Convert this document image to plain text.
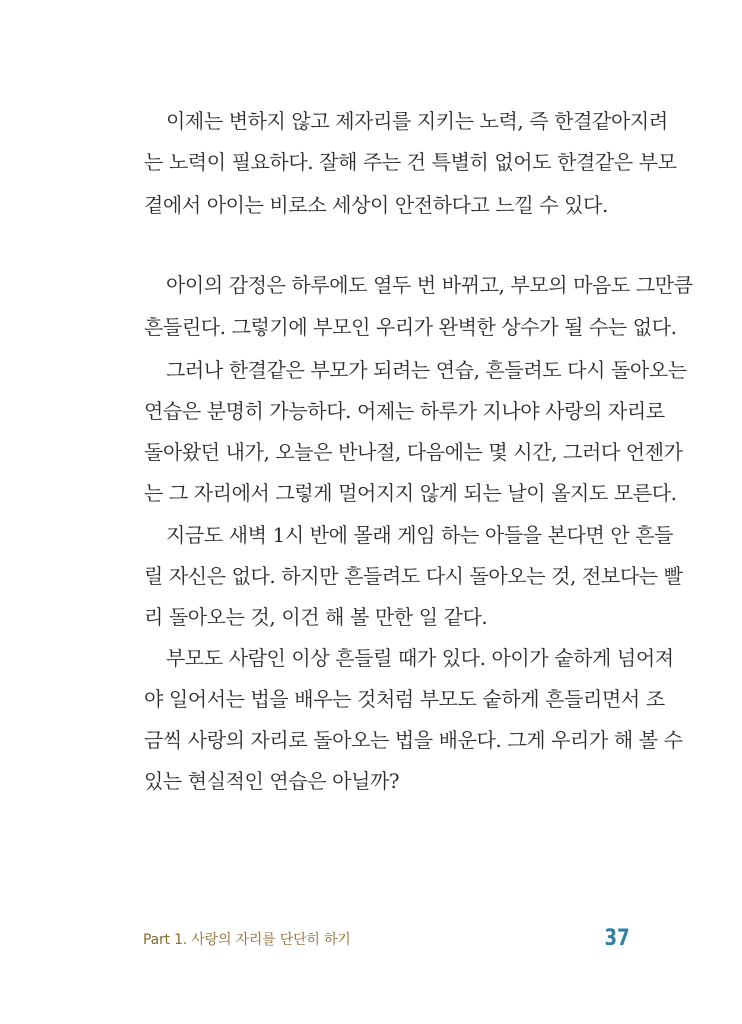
이제는 변하지 않고 제자리를 지키는 노력, 즉 한결같아지려

는 노력이 필요하다. 잘해 주는 건 특별히 없어도 한결같은 부모

곁에서 아이는 비로소 세상이 안전하다고 느낄 수 있다.

아이의 감정은 하루에도 열두 번 바뀌고, 부모의 마음도 그만큼

흔들린다. 그렇기에 부모인 우리가 완벽한 상수가 될 수는 없다.

그러나 한결같은 부모가 되려는 연습, 흔들려도 다시 돌아오는

연습은 분명히 가능하다. 어제는 하루가 지나야 사랑의 자리로

돌아왔던 내가, 오늘은 반나절, 다음에는 몇 시간, 그러다 언젠가

는 그 자리에서 그렇게 멀어지지 않게 되는 날이 올지도 모른다.

지금도 새벽 1시 반에 몰래 게임 하는 아들을 본다면 안 흔들

릴 자신은 없다. 하지만 흔들려도 다시 돌아오는 것, 전보다는 빨

리 돌아오는 것, 이건 해 볼 만한 일 같다.

부모도 사람인 이상 흔들릴 때가 있다. 아이가 숱하게 넘어져

야 일어서는 법을 배우는 것처럼 부모도 숱하게 흔들리면서 조

금씩 사랑의 자리로 돌아오는 법을 배운다. 그게 우리가 해 볼 수

있는 현실적인 연습은 아닐까?

Part 1. 사랑의 자리를 단단히 하기	37
